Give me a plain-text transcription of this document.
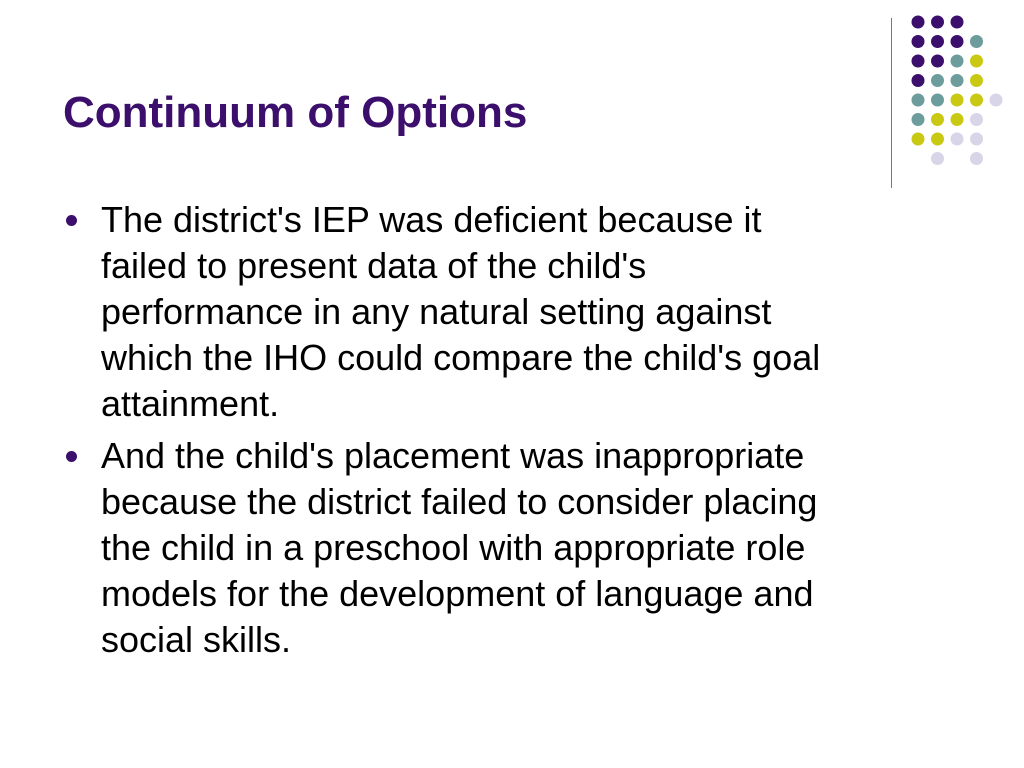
Continuum of Options
The district's IEP was deficient because it
failed to present data of the child's
performance in any natural setting against
which the IHO could compare the child's goal
attainment.
And the child's placement was inappropriate
because the district failed to consider placing
the child in a preschool with appropriate role
models for the development of language and
social skills.
